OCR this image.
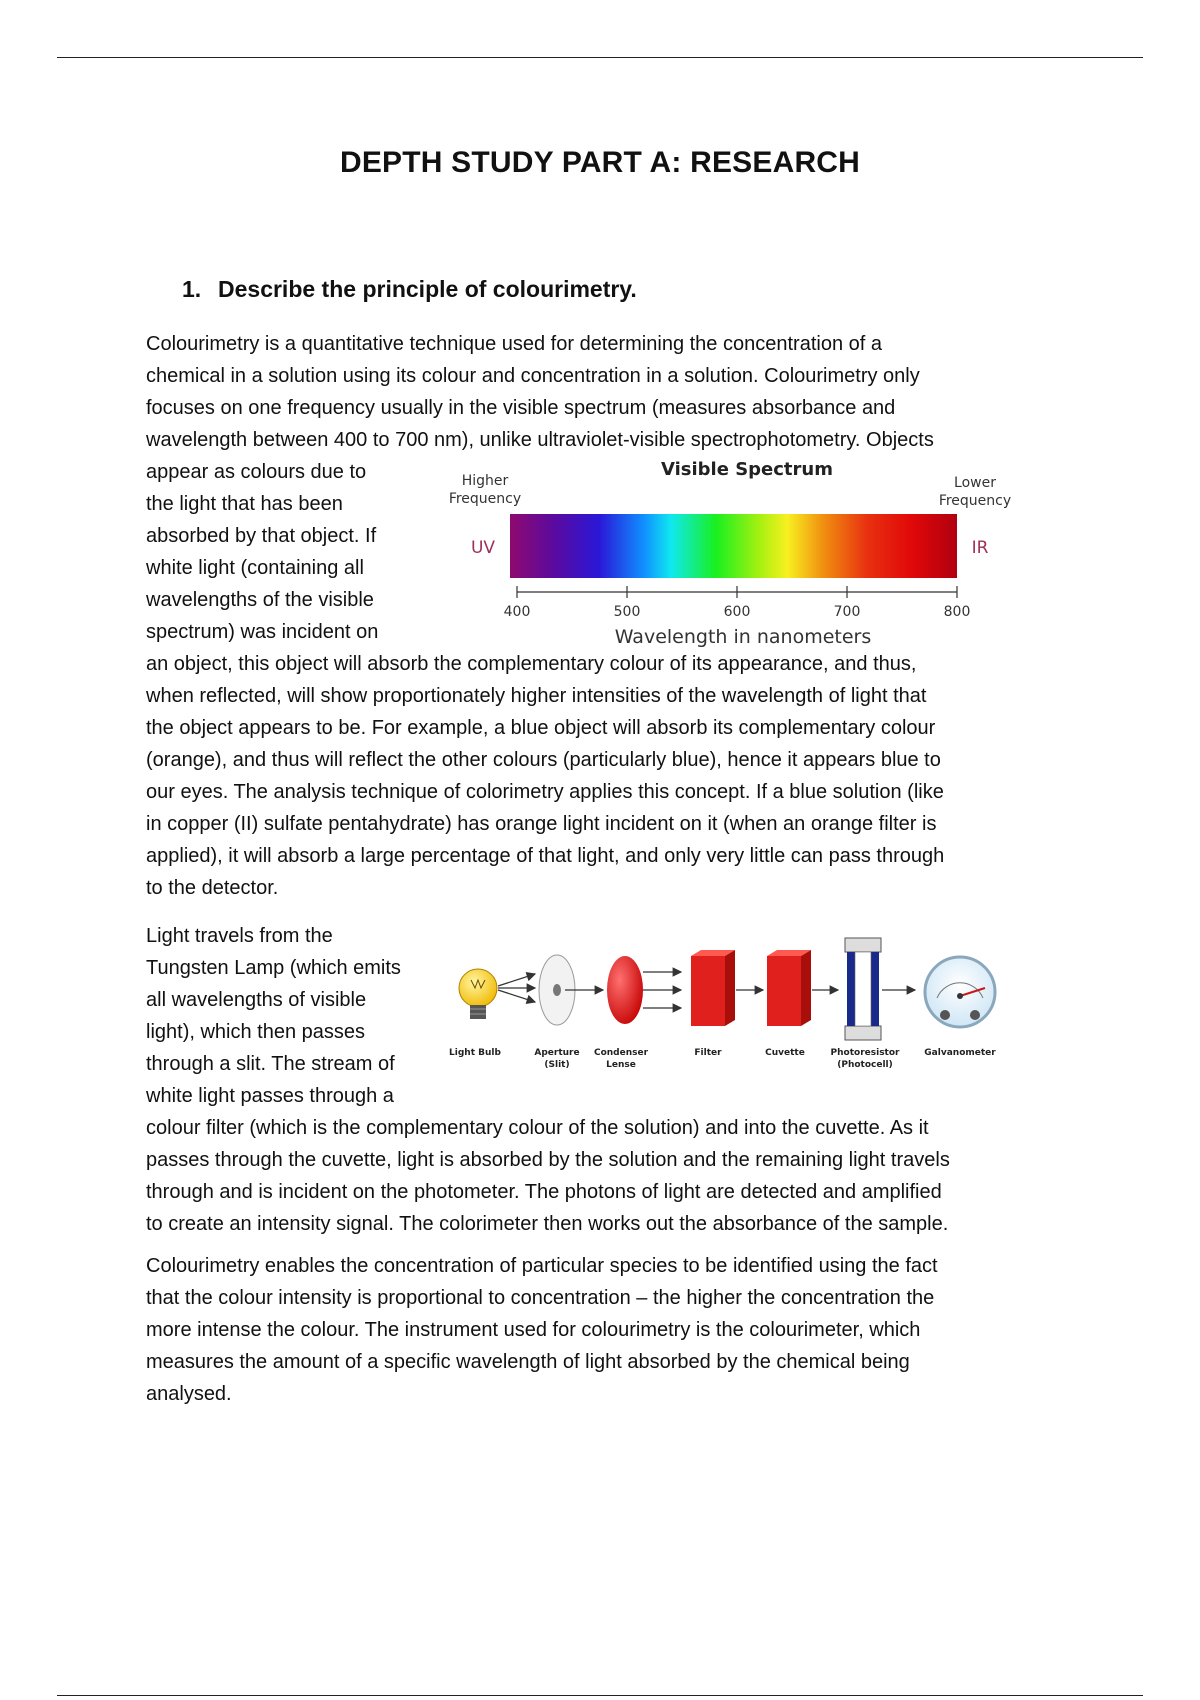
DEPTH STUDY PART A: RESEARCH
1. Describe the principle of colourimetry.
Colourimetry is a quantitative technique used for determining the concentration of a
chemical in a solution using its colour and concentration in a solution. Colourimetry only
focuses on one frequency usually in the visible spectrum (measures absorbance and
wavelength between 400 to 700 nm), unlike ultraviolet-visible spectrophotometry. Objects
appear as colours due to
the light that has been
absorbed by that object. If
white light (containing all
wavelengths of the visible
spectrum) was incident on
an object, this object will absorb the complementary colour of its appearance, and thus,
when reflected, will show proportionately higher intensities of the wavelength of light that
the object appears to be. For example, a blue object will absorb its complementary colour
(orange), and thus will reflect the other colours (particularly blue), hence it appears blue to
our eyes. The analysis technique of colorimetry applies this concept. If a blue solution (like
in copper (II) sulfate pentahydrate) has orange light incident on it (when an orange filter is
applied), it will absorb a large percentage of that light, and only very little can pass through
to the detector.
Visible Spectrum
Higher
Frequency
Lower
Frequency
UV	IR
400	500	600	700	800
Wavelength in nanometers
Light travels from the
Tungsten Lamp (which emits
all wavelengths of visible
light), which then passes
through a slit. The stream of
white light passes through a
colour filter (which is the complementary colour of the solution) and into the cuvette. As it
passes through the cuvette, light is absorbed by the solution and the remaining light travels
through and is incident on the photometer. The photons of light are detected and amplified
to create an intensity signal. The colorimeter then works out the absorbance of the sample.
Light Bulb	Aperture
(Slit)
Condenser
Lense
Filter	Cuvette	Photoresistor
(Photocell)
Galvanometer
Colourimetry enables the concentration of particular species to be identified using the fact
that the colour intensity is proportional to concentration – the higher the concentration the
more intense the colour. The instrument used for colourimetry is the colourimeter, which
measures the amount of a specific wavelength of light absorbed by the chemical being
analysed.
